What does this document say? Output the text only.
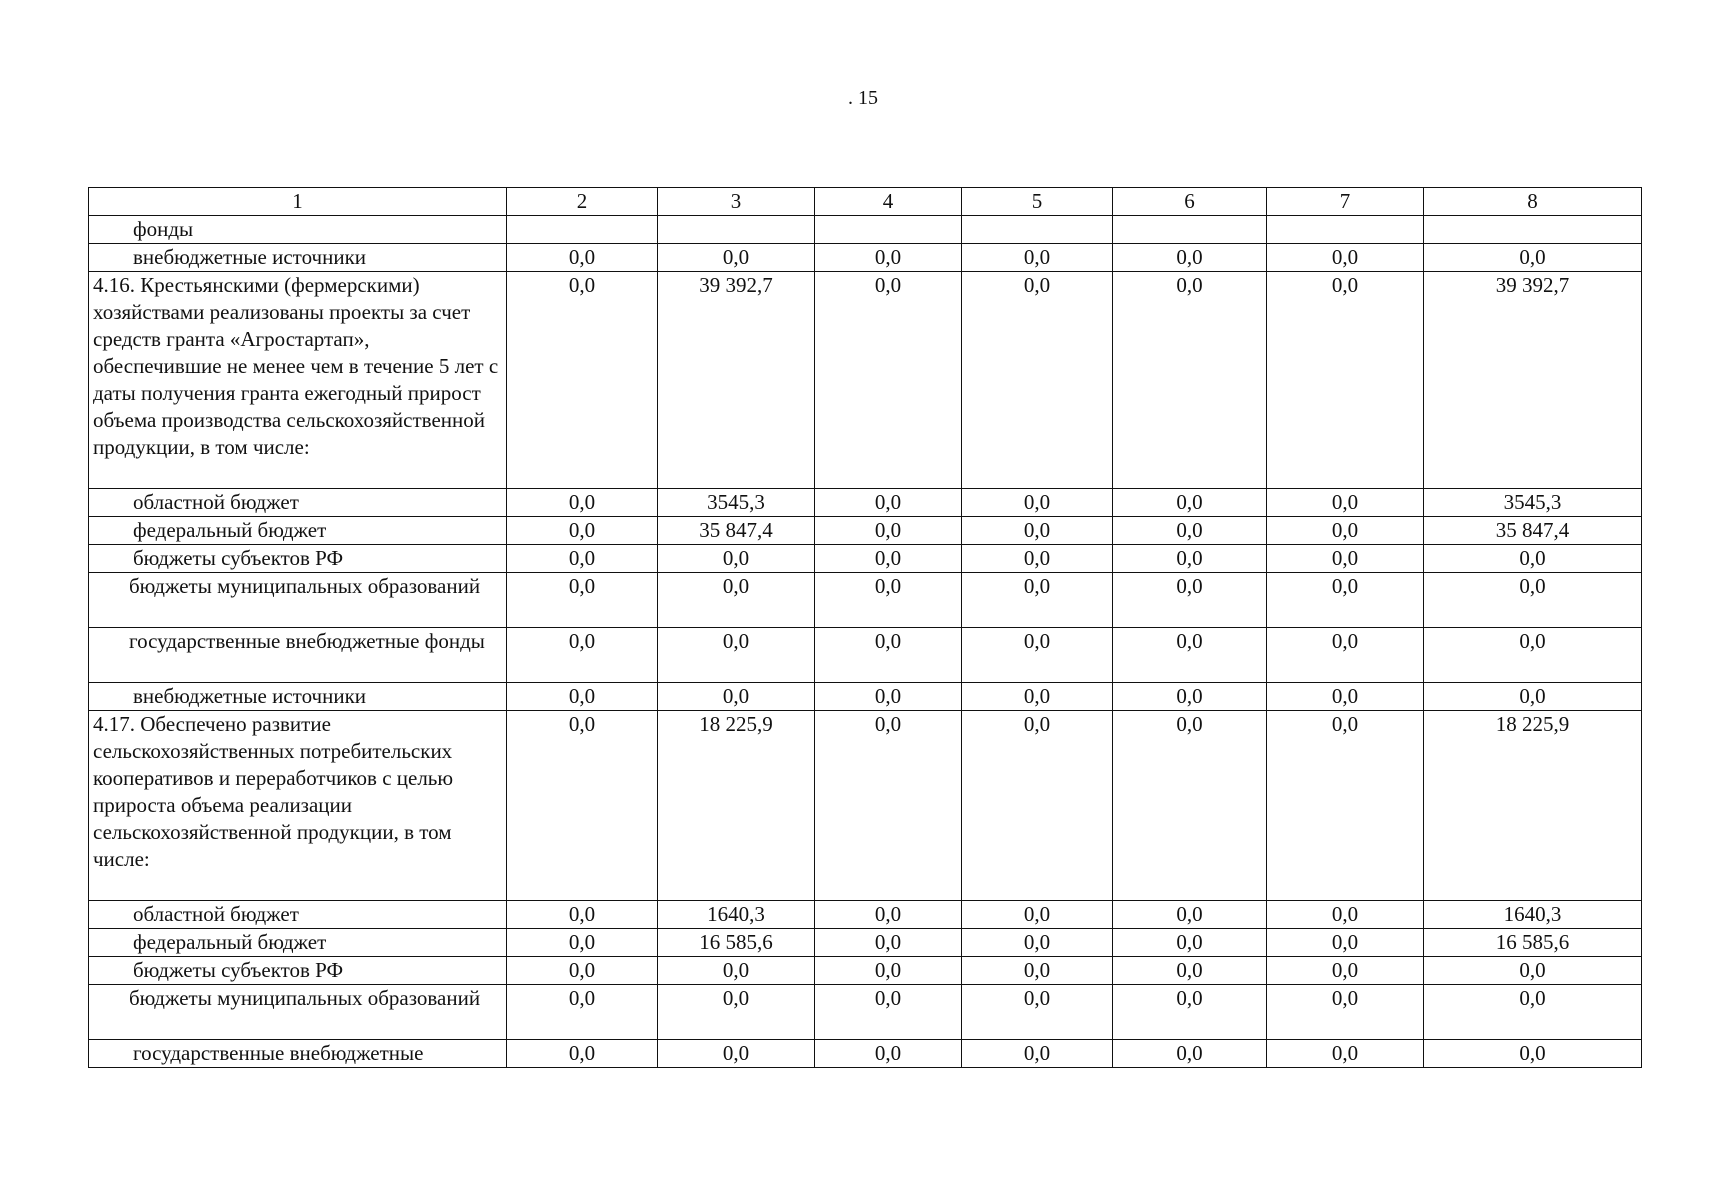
. 15
1	2	3	4	5	6	7	8
фонды							
внебюджетные источники	0,0	0,0	0,0	0,0	0,0	0,0	0,0
4.16. Крестьянскими (фермерскими) хозяйствами реализованы проекты за счет средств гранта «Агростартап», обеспечившие не менее чем в течение 5 лет с даты получения гранта ежегодный прирост объема производства сельскохозяйственной продукции, в том числе:	0,0	39 392,7	0,0	0,0	0,0	0,0	39 392,7
областной бюджет	0,0	3545,3	0,0	0,0	0,0	0,0	3545,3
федеральный бюджет	0,0	35 847,4	0,0	0,0	0,0	0,0	35 847,4
бюджеты субъектов РФ	0,0	0,0	0,0	0,0	0,0	0,0	0,0
бюджеты муниципальных образований	0,0	0,0	0,0	0,0	0,0	0,0	0,0
государственные внебюджетные фонды	0,0	0,0	0,0	0,0	0,0	0,0	0,0
внебюджетные источники	0,0	0,0	0,0	0,0	0,0	0,0	0,0
4.17. Обеспечено развитие сельскохозяйственных потребительских кооперативов и переработчиков с целью прироста объема реализации сельскохозяйственной продукции, в том числе:	0,0	18 225,9	0,0	0,0	0,0	0,0	18 225,9
областной бюджет	0,0	1640,3	0,0	0,0	0,0	0,0	1640,3
федеральный бюджет	0,0	16 585,6	0,0	0,0	0,0	0,0	16 585,6
бюджеты субъектов РФ	0,0	0,0	0,0	0,0	0,0	0,0	0,0
бюджеты муниципальных образований	0,0	0,0	0,0	0,0	0,0	0,0	0,0
государственные внебюджетные	0,0	0,0	0,0	0,0	0,0	0,0	0,0
